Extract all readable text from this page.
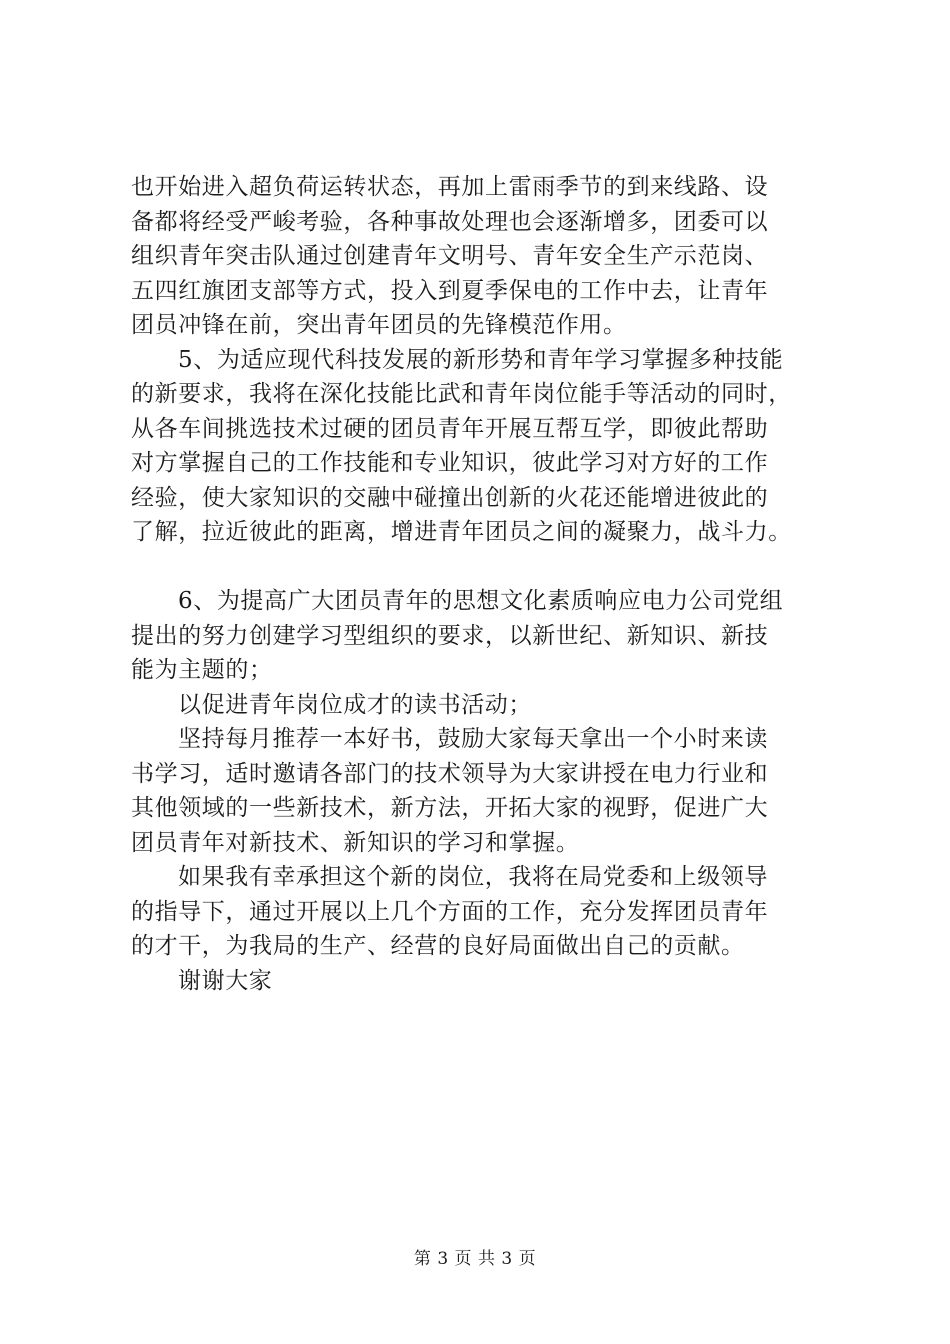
也开始进入超负荷运转状态，再加上雷雨季节的到来线路、设
备都将经受严峻考验，各种事故处理也会逐渐增多，团委可以
组织青年突击队通过创建青年文明号、青年安全生产示范岗、
五四红旗团支部等方式，投入到夏季保电的工作中去，让青年
团员冲锋在前，突出青年团员的先锋模范作用。
5、为适应现代科技发展的新形势和青年学习掌握多种技能
的新要求，我将在深化技能比武和青年岗位能手等活动的同时，
从各车间挑选技术过硬的团员青年开展互帮互学，即彼此帮助
对方掌握自己的工作技能和专业知识，彼此学习对方好的工作
经验，使大家知识的交融中碰撞出创新的火花还能增进彼此的
了解，拉近彼此的距离，增进青年团员之间的凝聚力，战斗力。
6、为提高广大团员青年的思想文化素质响应电力公司党组
提出的努力创建学习型组织的要求，以新世纪、新知识、新技
能为主题的；
以促进青年岗位成才的读书活动；
坚持每月推荐一本好书，鼓励大家每天拿出一个小时来读
书学习，适时邀请各部门的技术领导为大家讲授在电力行业和
其他领域的一些新技术，新方法，开拓大家的视野，促进广大
团员青年对新技术、新知识的学习和掌握。
如果我有幸承担这个新的岗位，我将在局党委和上级领导
的指导下，通过开展以上几个方面的工作，充分发挥团员青年
的才干，为我局的生产、经营的良好局面做出自己的贡献。
谢谢大家
第 3 页 共 3 页
